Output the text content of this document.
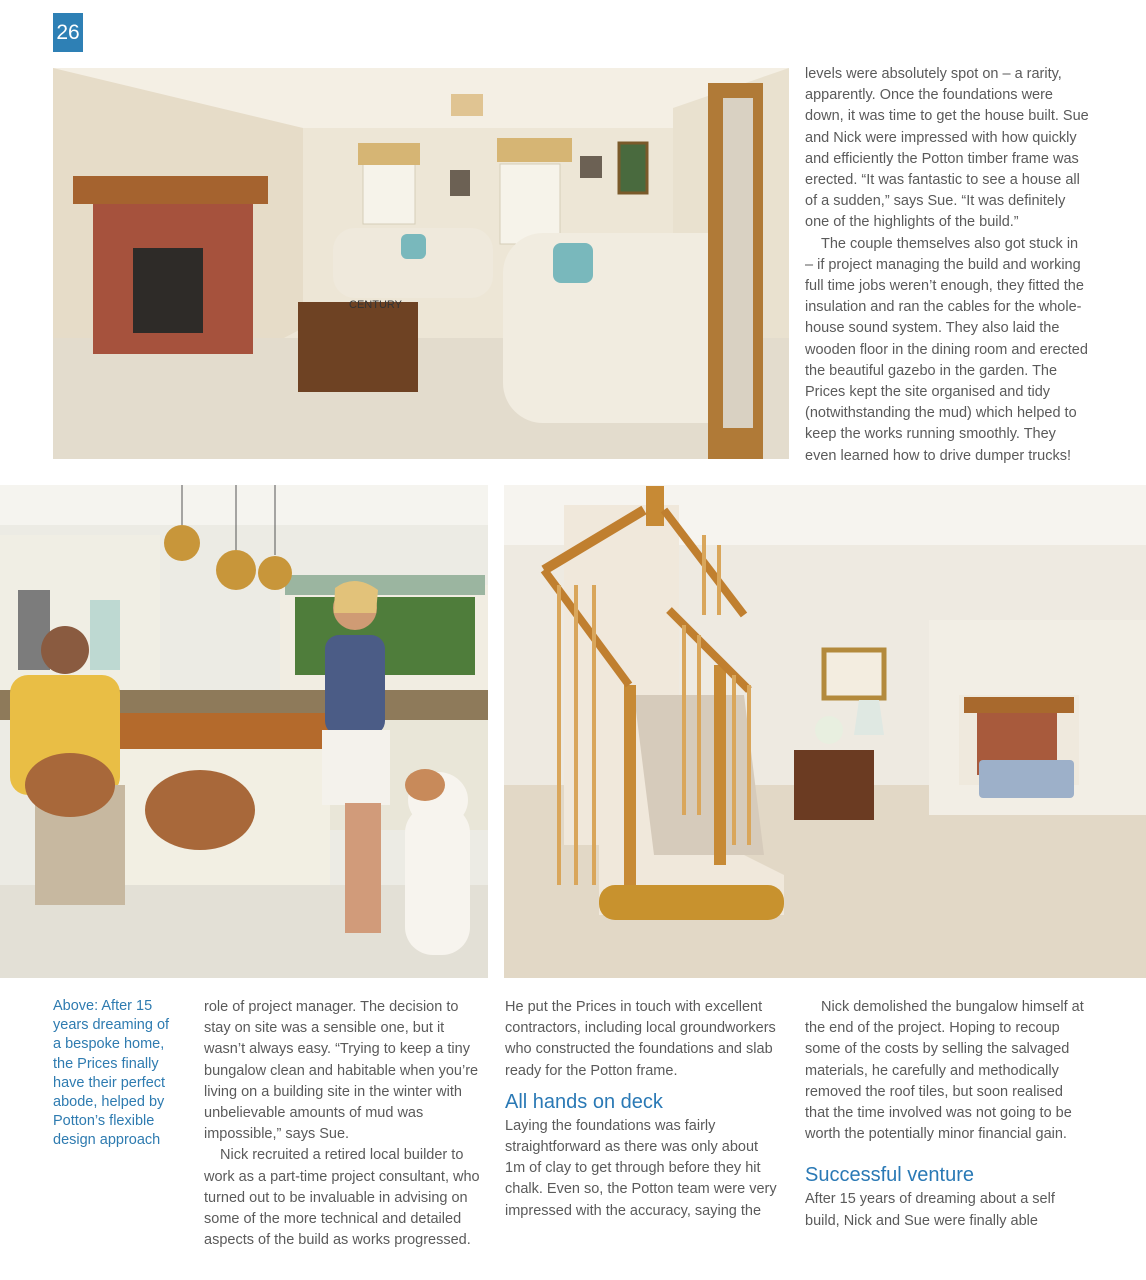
26
CENTURY

levels were absolutely spot on – a rarity, apparently. Once the foundations were down, it was time to get the house built. Sue and Nick were impressed with how quickly and efficiently the Potton timber frame was erected. “It was fantastic to see a house all of a sudden,” says Sue. “It was definitely one of the highlights of the build.”

The couple themselves also got stuck in – if project managing the build and working full time jobs weren’t enough, they fitted the insulation and ran the cables for the whole-house sound system. They also laid the wooden floor in the dining room and erected the beautiful gazebo in the garden. The Prices kept the site organised and tidy (notwithstanding the mud) which helped to keep the works running smoothly. They even learned how to drive dumper trucks!

Above: After 15 years dreaming of a bespoke home, the Prices finally have their perfect abode, helped by Potton’s flexible design approach

role of project manager. The decision to stay on site was a sensible one, but it wasn’t always easy. “Trying to keep a tiny bungalow clean and habitable when you’re living on a building site in the winter with unbelievable amounts of mud was impossible,” says Sue.

Nick recruited a retired local builder to work as a part-time project consultant, who turned out to be invaluable in advising on some of the more technical and detailed aspects of the build as works progressed.

He put the Prices in touch with excellent contractors, including local groundworkers who constructed the foundations and slab ready for the Potton frame.

All hands on deck

Laying the foundations was fairly straightforward as there was only about 1m of clay to get through before they hit chalk. Even so, the Potton team were very impressed with the accuracy, saying the

Nick demolished the bungalow himself at the end of the project. Hoping to recoup some of the costs by selling the salvaged materials, he carefully and methodically removed the roof tiles, but soon realised that the time involved was not going to be worth the potentially minor financial gain.

Successful venture

After 15 years of dreaming about a self build, Nick and Sue were finally able
